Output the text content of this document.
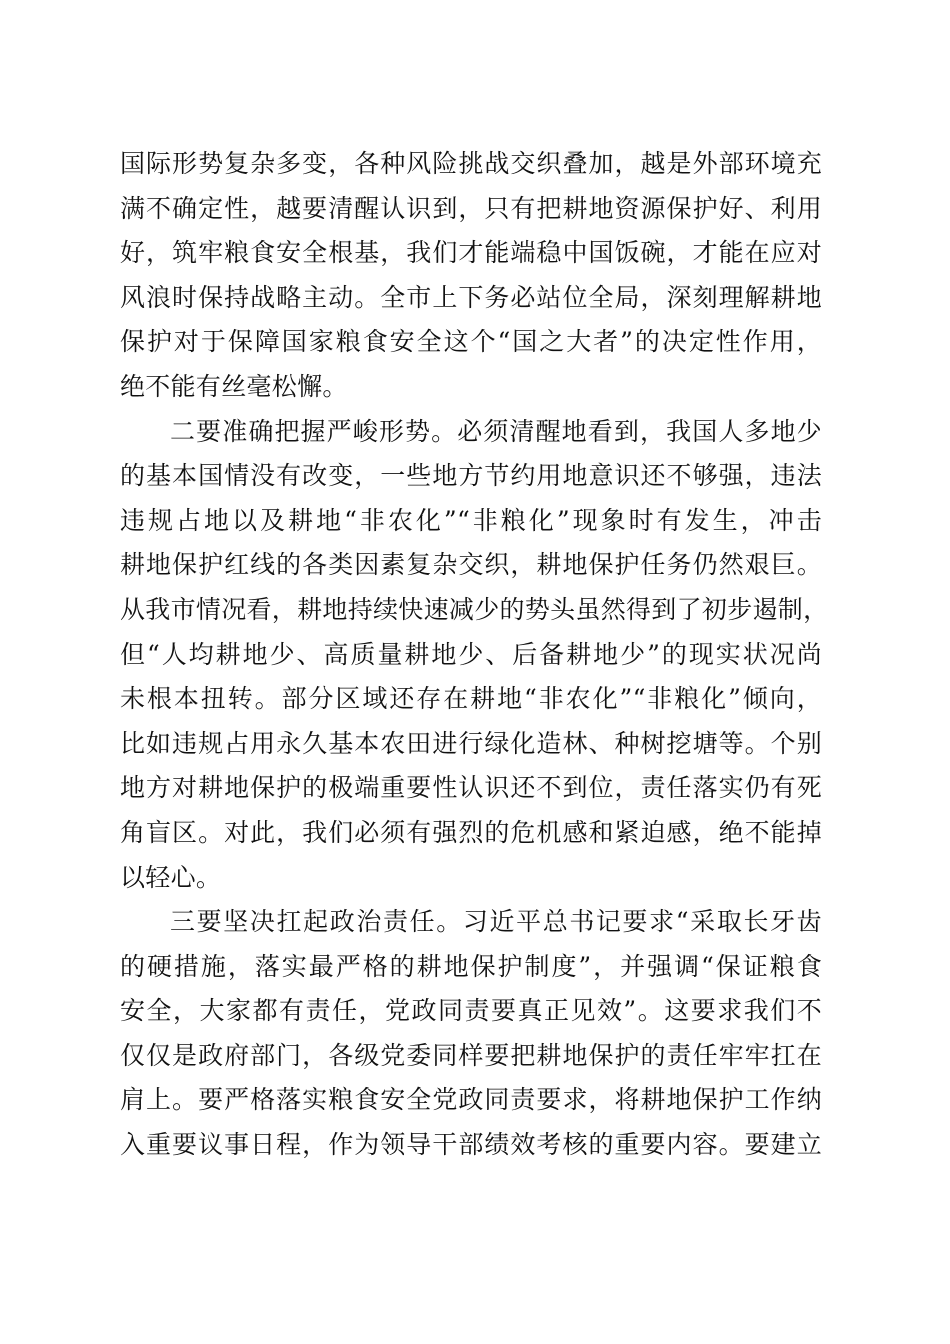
国际形势复杂多变，各种风险挑战交织叠加，越是外部环境充
满不确定性，越要清醒认识到，只有把耕地资源保护好、利用
好，筑牢粮食安全根基，我们才能端稳中国饭碗，才能在应对
风浪时保持战略主动。全市上下务必站位全局，深刻理解耕地
保护对于保障国家粮食安全这个“国之大者”的决定性作用，
绝不能有丝毫松懈。
二要准确把握严峻形势。必须清醒地看到，我国人多地少
的基本国情没有改变，一些地方节约用地意识还不够强，违法
违规占地以及耕地“非农化”“非粮化”现象时有发生，冲击
耕地保护红线的各类因素复杂交织，耕地保护任务仍然艰巨。
从我市情况看，耕地持续快速减少的势头虽然得到了初步遏制，
但“人均耕地少、高质量耕地少、后备耕地少”的现实状况尚
未根本扭转。部分区域还存在耕地“非农化”“非粮化”倾向，
比如违规占用永久基本农田进行绿化造林、种树挖塘等。个别
地方对耕地保护的极端重要性认识还不到位，责任落实仍有死
角盲区。对此，我们必须有强烈的危机感和紧迫感，绝不能掉
以轻心。
三要坚决扛起政治责任。习近平总书记要求“采取长牙齿
的硬措施，落实最严格的耕地保护制度”，并强调“保证粮食
安全，大家都有责任，党政同责要真正见效”。这要求我们不
仅仅是政府部门，各级党委同样要把耕地保护的责任牢牢扛在
肩上。要严格落实粮食安全党政同责要求，将耕地保护工作纳
入重要议事日程，作为领导干部绩效考核的重要内容。要建立
